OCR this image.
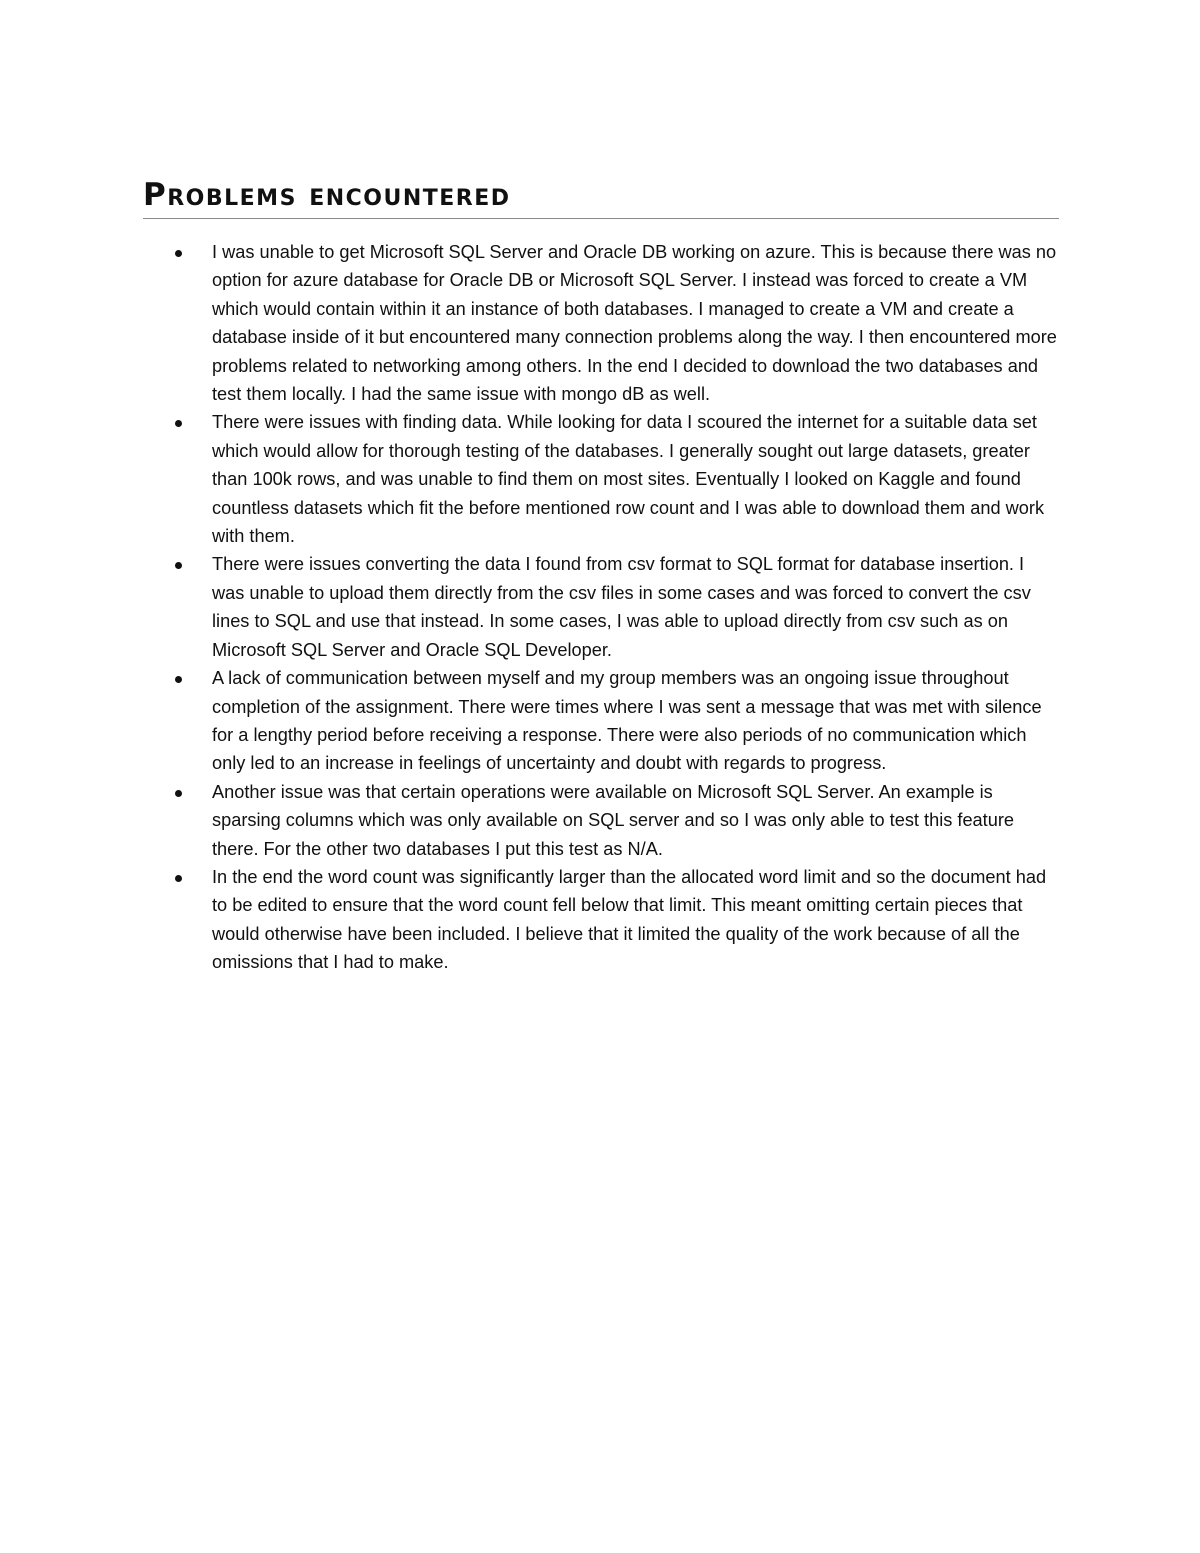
Problems encountered
I was unable to get Microsoft SQL Server and Oracle DB working on azure. This is because there was no option for azure database for Oracle DB or Microsoft SQL Server. I instead was forced to create a VM which would contain within it an instance of both databases. I managed to create a VM and create a database inside of it but encountered many connection problems along the way. I then encountered more problems related to networking among others. In the end I decided to download the two databases and test them locally. I had the same issue with mongo dB as well.
There were issues with finding data. While looking for data I scoured the internet for a suitable data set which would allow for thorough testing of the databases. I generally sought out large datasets, greater than 100k rows, and was unable to find them on most sites. Eventually I looked on Kaggle and found countless datasets which fit the before mentioned row count and I was able to download them and work with them.
There were issues converting the data I found from csv format to SQL format for database insertion. I was unable to upload them directly from the csv files in some cases and was forced to convert the csv lines to SQL and use that instead. In some cases, I was able to upload directly from csv such as on Microsoft SQL Server and Oracle SQL Developer.
A lack of communication between myself and my group members was an ongoing issue throughout completion of the assignment. There were times where I was sent a message that was met with silence for a lengthy period before receiving a response. There were also periods of no communication which only led to an increase in feelings of uncertainty and doubt with regards to progress.
Another issue was that certain operations were available on Microsoft SQL Server. An example is sparsing columns which was only available on SQL server and so I was only able to test this feature there. For the other two databases I put this test as N/A.
In the end the word count was significantly larger than the allocated word limit and so the document had to be edited to ensure that the word count fell below that limit. This meant omitting certain pieces that would otherwise have been included. I believe that it limited the quality of the work because of all the omissions that I had to make.
